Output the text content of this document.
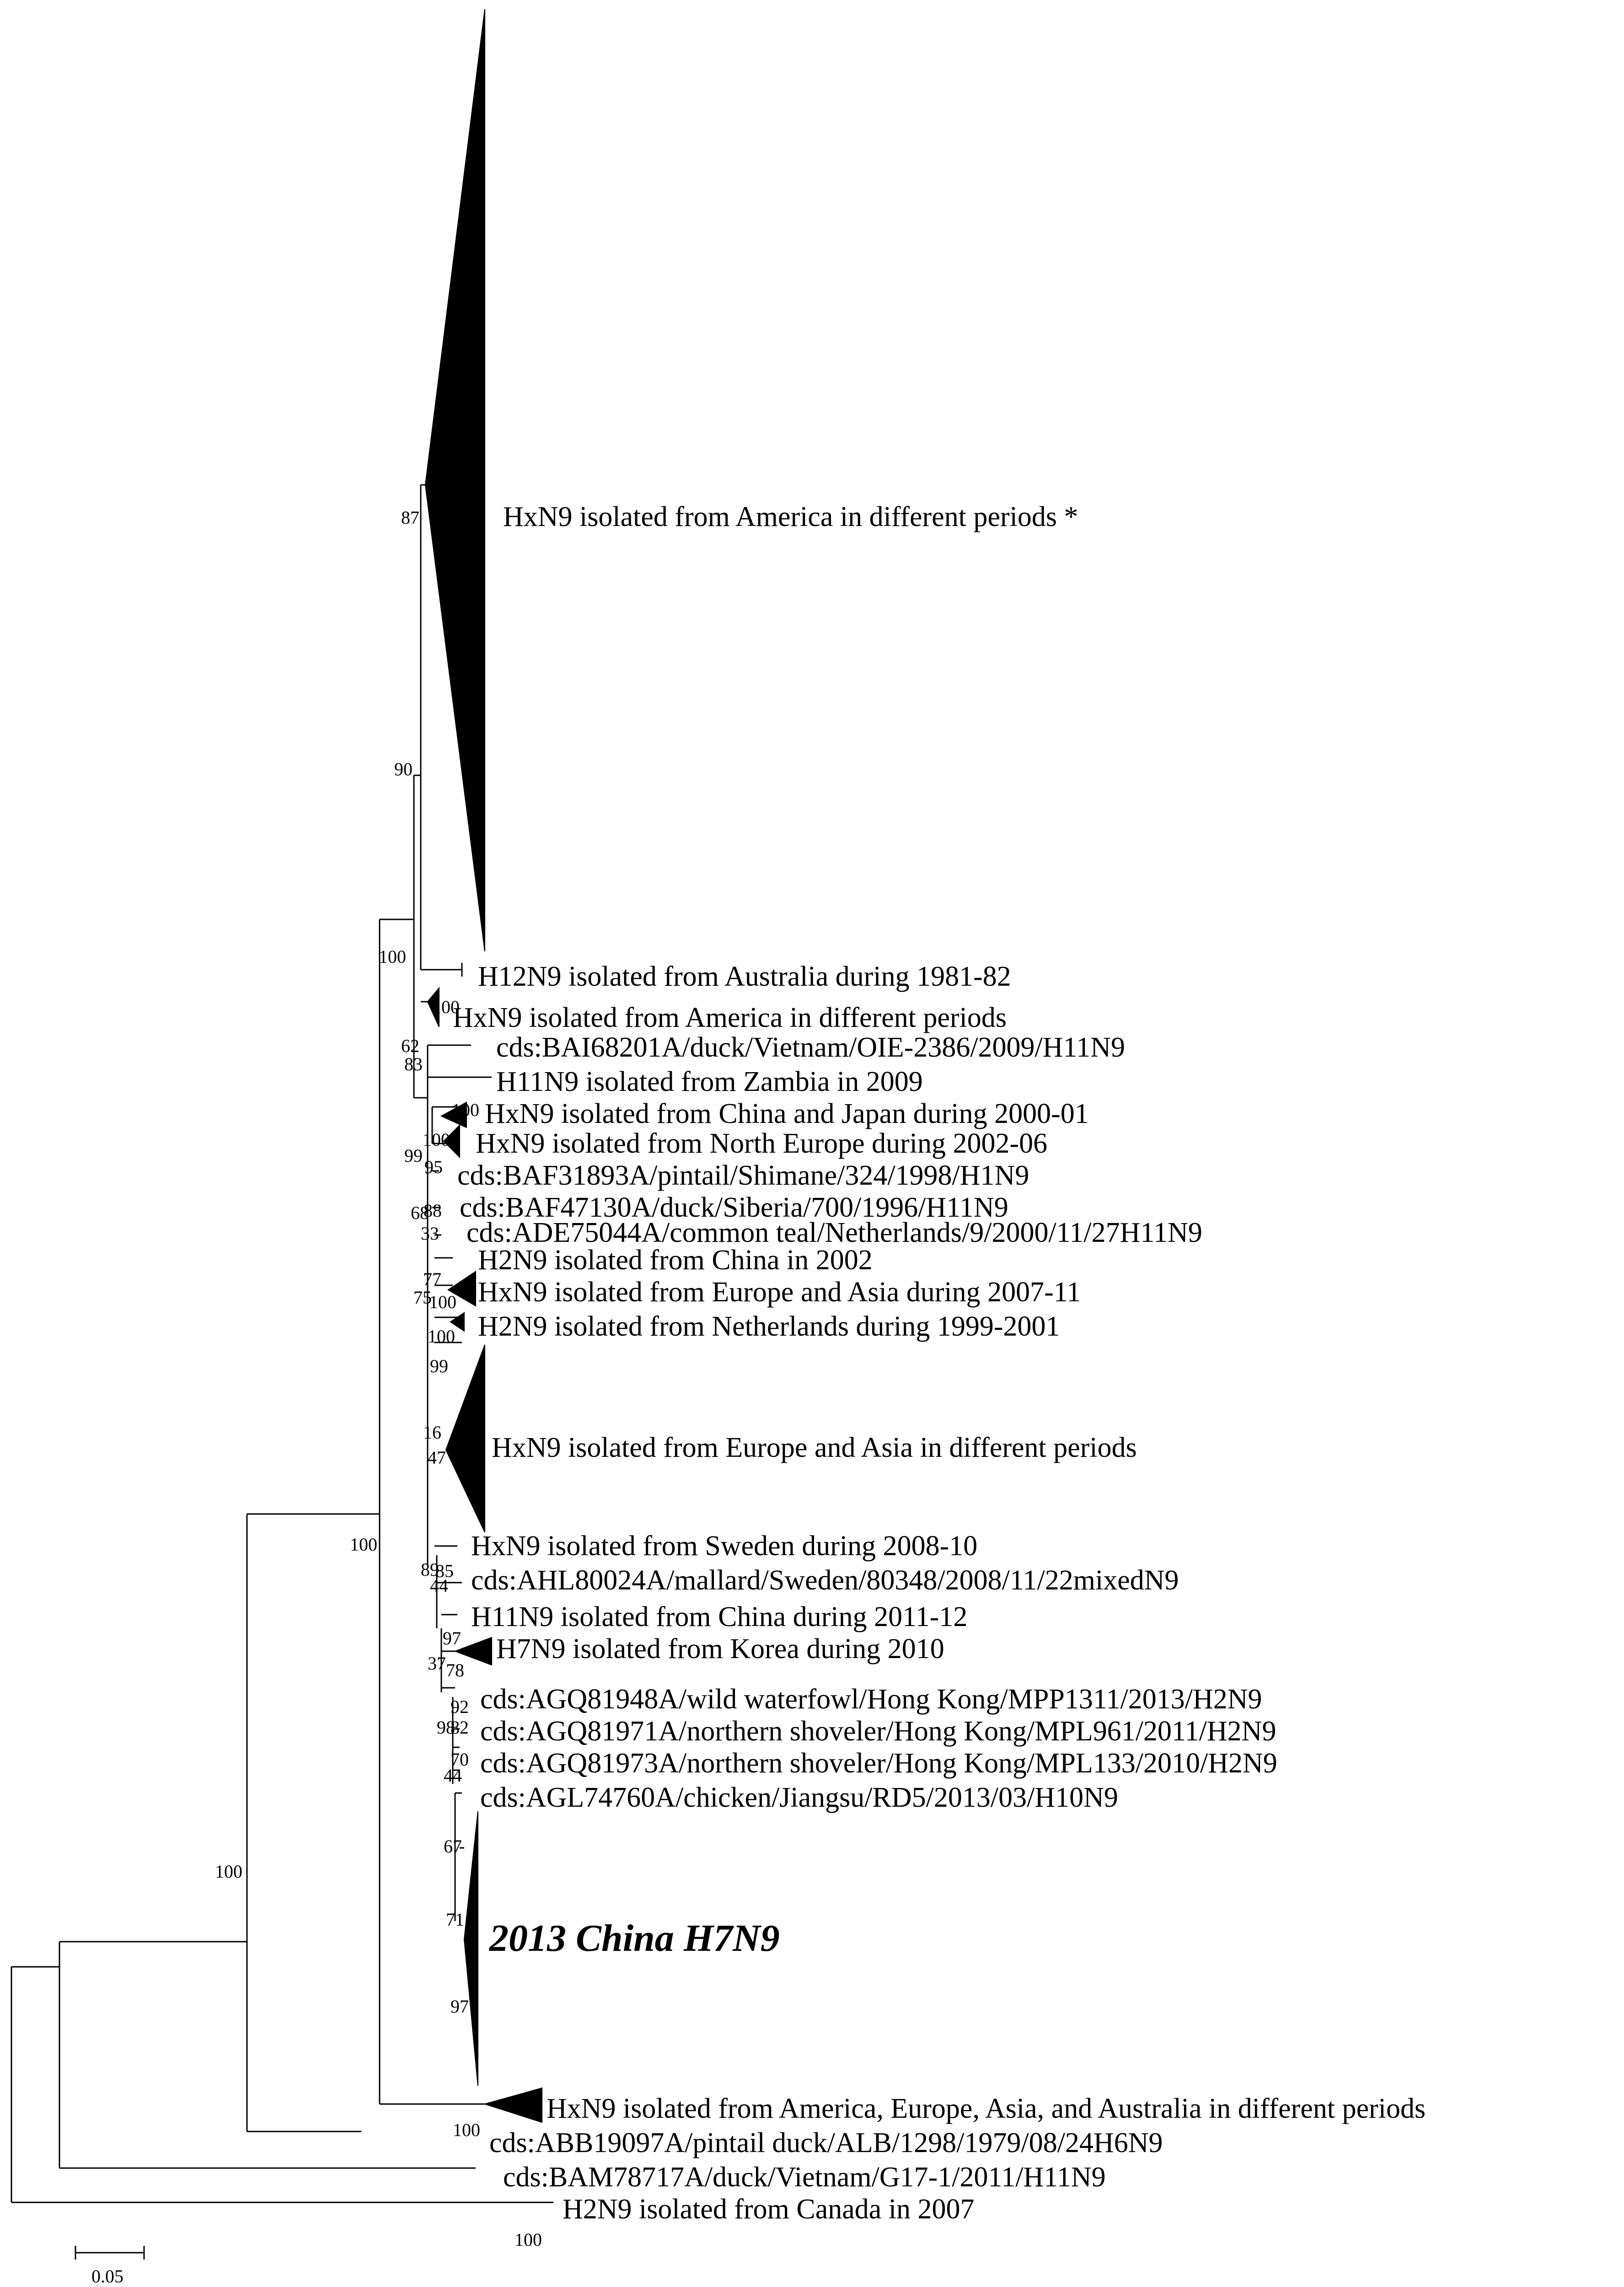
HxN9 isolated from America in different periods *
H12N9 isolated from Australia during 1981-82
HxN9 isolated from America in different periods
cds:BAI68201A/duck/Vietnam/OIE-2386/2009/H11N9
H11N9 isolated from Zambia in 2009
HxN9 isolated from China and Japan during 2000-01
HxN9 isolated from North Europe during 2002-06
cds:BAF31893A/pintail/Shimane/324/1998/H1N9
cds:BAF47130A/duck/Siberia/700/1996/H11N9
cds:ADE75044A/common teal/Netherlands/9/2000/11/27H11N9
H2N9 isolated from China in 2002
HxN9 isolated from Europe and Asia during 2007-11
H2N9 isolated from Netherlands during 1999-2001
HxN9 isolated from Europe and Asia in different periods
HxN9 isolated from Sweden during 2008-10
cds:AHL80024A/mallard/Sweden/80348/2008/11/22mixedN9
H11N9 isolated from China during 2011-12
H7N9 isolated from Korea during 2010
cds:AGQ81948A/wild waterfowl/Hong Kong/MPP1311/2013/H2N9
cds:AGQ81971A/northern shoveler/Hong Kong/MPL961/2011/H2N9
cds:AGQ81973A/northern shoveler/Hong Kong/MPL133/2010/H2N9
cds:AGL74760A/chicken/Jiangsu/RD5/2013/03/H10N9
2013 China H7N9
HxN9 isolated from America, Europe, Asia, and Australia in different periods
cds:ABB19097A/pintail duck/ALB/1298/1979/08/24H6N9
cds:BAM78717A/duck/Vietnam/G17-1/2011/H11N9
H2N9 isolated from Canada in 2007
87
90
100
100
62
83
100
100
99
95
68
88
33
77
75
100
100
99
16
47
100
89
85
44
97
37 78
92
98
82
70
44
67
71
97
100
100
100
0.05
